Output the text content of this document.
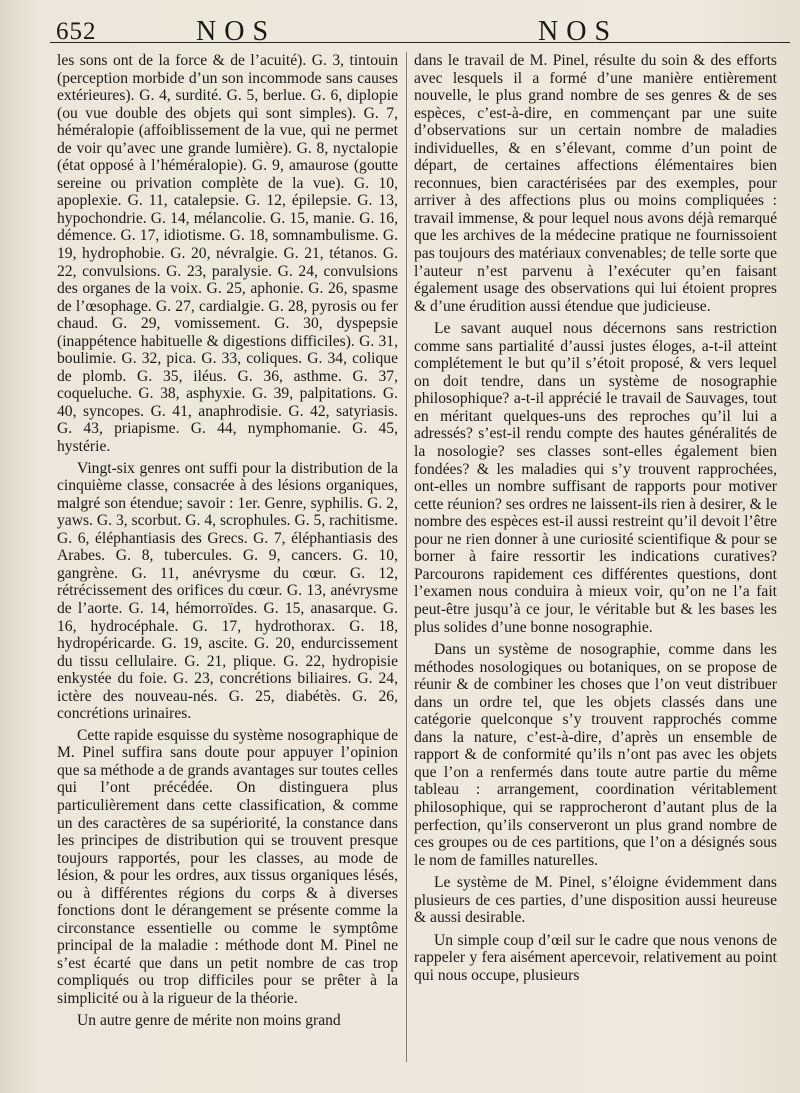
652	NOS	NOS

les sons ont de la force & de l’acuité). G. 3, tintouin (perception morbide d’un son incommode sans causes extérieures). G. 4, surdité. G. 5, berlue. G. 6, diplopie (ou vue double des objets qui sont simples). G. 7, héméralopie (affoiblissement de la vue, qui ne permet de voir qu’avec une grande lumière). G. 8, nyctalopie (état opposé à l’héméralopie). G. 9, amaurose (goutte sereine ou privation complète de la vue). G. 10, apoplexie. G. 11, catalepsie. G. 12, épilepsie. G. 13, hypochondrie. G. 14, mélancolie. G. 15, manie. G. 16, démence. G. 17, idiotisme. G. 18, somnambulisme. G. 19, hydrophobie. G. 20, névralgie. G. 21, tétanos. G. 22, convulsions. G. 23, paralysie. G. 24, convulsions des organes de la voix. G. 25, aphonie. G. 26, spasme de l’œsophage. G. 27, cardialgie. G. 28, pyrosis ou fer chaud. G. 29, vomissement. G. 30, dyspepsie (inappétence habituelle & digestions difficiles). G. 31, boulimie. G. 32, pica. G. 33, coliques. G. 34, colique de plomb. G. 35, iléus. G. 36, asthme. G. 37, coqueluche. G. 38, asphyxie. G. 39, palpitations. G. 40, syncopes. G. 41, anaphrodisie. G. 42, satyriasis. G. 43, priapisme. G. 44, nymphomanie. G. 45, hystérie.

Vingt-six genres ont suffi pour la distribution de la cinquième classe, consacrée à des lésions organiques, malgré son étendue; savoir : 1er. Genre, syphilis. G. 2, yaws. G. 3, scorbut. G. 4, scrophules. G. 5, rachitisme. G. 6, éléphantiasis des Grecs. G. 7, éléphantiasis des Arabes. G. 8, tubercules. G. 9, cancers. G. 10, gangrène. G. 11, anévrysme du cœur. G. 12, rétrécissement des orifices du cœur. G. 13, anévrysme de l’aorte. G. 14, hémorroïdes. G. 15, anasarque. G. 16, hydrocéphale. G. 17, hydrothorax. G. 18, hydropéricarde. G. 19, ascite. G. 20, endurcissement du tissu cellulaire. G. 21, plique. G. 22, hydropisie enkystée du foie. G. 23, concrétions biliaires. G. 24, ictère des nouveau-nés. G. 25, diabétès. G. 26, concrétions urinaires.

Cette rapide esquisse du système nosographique de M. Pinel suffira sans doute pour appuyer l’opinion que sa méthode a de grands avantages sur toutes celles qui l’ont précédée. On distinguera plus particulièrement dans cette classification, & comme un des caractères de sa supériorité, la constance dans les principes de distribution qui se trouvent presque toujours rapportés, pour les classes, au mode de lésion, & pour les ordres, aux tissus organiques lésés, ou à différentes régions du corps & à diverses fonctions dont le dérangement se présente comme la circonstance essentielle ou comme le symptôme principal de la maladie : méthode dont M. Pinel ne s’est écarté que dans un petit nombre de cas trop compliqués ou trop difficiles pour se prêter à la simplicité ou à la rigueur de la théorie.

Un autre genre de mérite non moins grand

dans le travail de M. Pinel, résulte du soin & des efforts avec lesquels il a formé d’une manière entièrement nouvelle, le plus grand nombre de ses genres & de ses espèces, c’est-à-dire, en commençant par une suite d’observations sur un certain nombre de maladies individuelles, & en s’élevant, comme d’un point de départ, de certaines affections élémentaires bien reconnues, bien caractérisées par des exemples, pour arriver à des affections plus ou moins compliquées : travail immense, & pour lequel nous avons déjà remarqué que les archives de la médecine pratique ne fournissoient pas toujours des matériaux convenables; de telle sorte que l’auteur n’est parvenu à l’exécuter qu’en faisant également usage des observations qui lui étoient propres & d’une érudition aussi étendue que judicieuse.

Le savant auquel nous décernons sans restriction comme sans partialité d’aussi justes éloges, a-t-il atteint complétement le but qu’il s’étoit proposé, & vers lequel on doit tendre, dans un système de nosographie philosophique? a-t-il apprécié le travail de Sauvages, tout en méritant quelques-uns des reproches qu’il lui a adressés? s’est-il rendu compte des hautes généralités de la nosologie? ses classes sont-elles également bien fondées? & les maladies qui s’y trouvent rapprochées, ont-elles un nombre suffisant de rapports pour motiver cette réunion? ses ordres ne laissent-ils rien à desirer, & le nombre des espèces est-il aussi restreint qu’il devoit l’être pour ne rien donner à une curiosité scientifique & pour se borner à faire ressortir les indications curatives? Parcourons rapidement ces différentes questions, dont l’examen nous conduira à mieux voir, qu’on ne l’a fait peut-être jusqu’à ce jour, le véritable but & les bases les plus solides d’une bonne nosographie.

Dans un système de nosographie, comme dans les méthodes nosologiques ou botaniques, on se propose de réunir & de combiner les choses que l’on veut distribuer dans un ordre tel, que les objets classés dans une catégorie quelconque s’y trouvent rapprochés comme dans la nature, c’est-à-dire, d’après un ensemble de rapport & de conformité qu’ils n’ont pas avec les objets que l’on a renfermés dans toute autre partie du même tableau : arrangement, coordination véritablement philosophique, qui se rapprocheront d’autant plus de la perfection, qu’ils conserveront un plus grand nombre de ces groupes ou de ces partitions, que l’on a désignés sous le nom de familles naturelles.

Le système de M. Pinel, s’éloigne évidemment dans plusieurs de ces parties, d’une disposition aussi heureuse & aussi desirable.

Un simple coup d’œil sur le cadre que nous venons de rappeler y fera aisément apercevoir, relativement au point qui nous occupe, plusieurs
